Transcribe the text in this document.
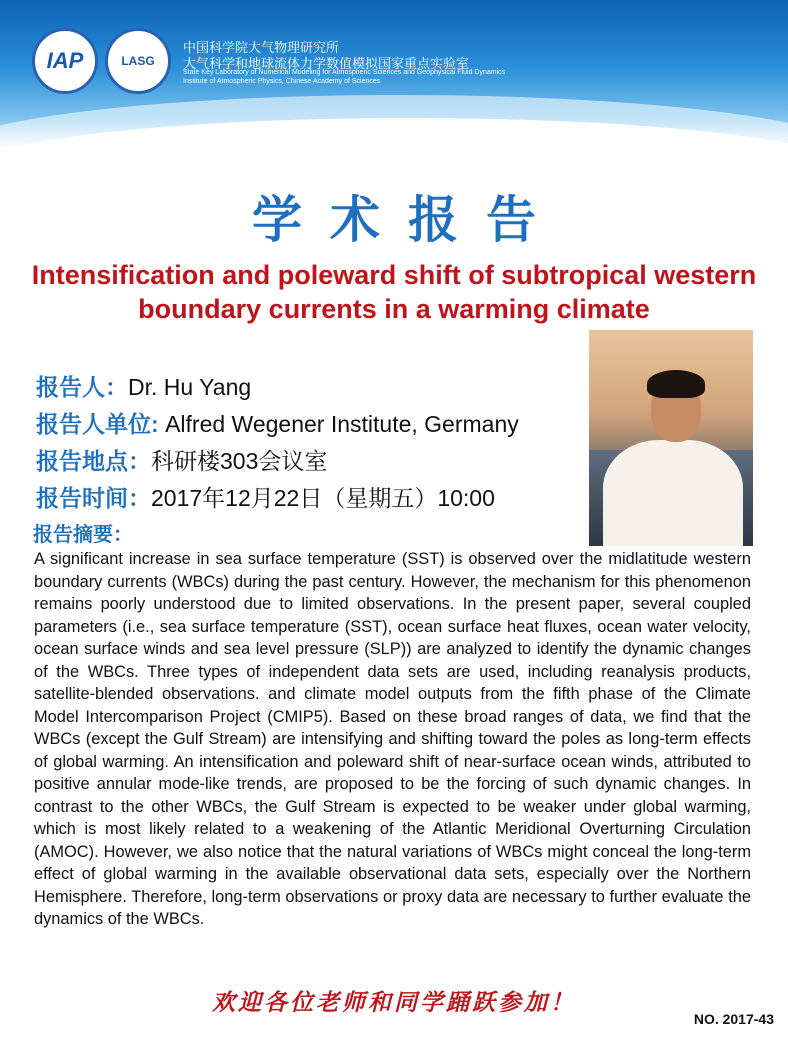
IAP	LASG
中国科学院大气物理研究所
大气科学和地球流体力学数值模拟国家重点实验室
State Key Laboratory of Numerical Modeling for Atmospheric Sciences and Geophysical Fluid Dynamics
Institute of Atmospheric Physics, Chinese Academy of Sciences
学术报告
Intensification and poleward shift of subtropical western boundary currents in a warming climate
报告人：Dr. Hu Yang
报告人单位: Alfred Wegener Institute, Germany
报告地点：科研楼303会议室
报告时间：2017年12月22日（星期五）10:00
报告摘要：
A significant increase in sea surface temperature (SST) is observed over the midlatitude western boundary currents (WBCs) during the past century. However, the mechanism for this phenomenon remains poorly understood due to limited observations. In the present paper, several coupled parameters (i.e., sea surface temperature (SST), ocean surface heat fluxes, ocean water velocity, ocean surface winds and sea level pressure (SLP)) are analyzed to identify the dynamic changes of the WBCs. Three types of independent data sets are used, including reanalysis products, satellite-blended observations. and climate model outputs from the fifth phase of the Climate Model Intercomparison Project (CMIP5). Based on these broad ranges of data, we find that the WBCs (except the Gulf Stream) are intensifying and shifting toward the poles as long-term effects of global warming. An intensification and poleward shift of near-surface ocean winds, attributed to positive annular mode-like trends, are proposed to be the forcing of such dynamic changes. In contrast to the other WBCs, the Gulf Stream is expected to be weaker under global warming, which is most likely related to a weakening of the Atlantic Meridional Overturning Circulation (AMOC). However, we also notice that the natural variations of WBCs might conceal the long-term effect of global warming in the available observational data sets, especially over the Northern Hemisphere. Therefore, long-term observations or proxy data are necessary to further evaluate the dynamics of the WBCs.
欢迎各位老师和同学踊跃参加！
NO. 2017-43
